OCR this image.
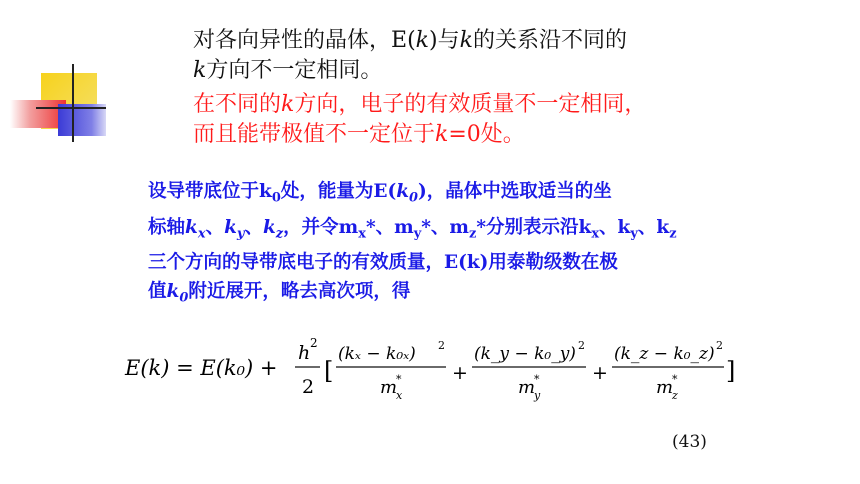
对各向异性的晶体，E(k)与k的关系沿不同的
k方向不一定相同。
在不同的k方向，电子的有效质量不一定相同，
而且能带极值不一定位于k=0处。
设导带底位于$k_0$处，能量为$E(k_0)$，晶体中选取适当的坐
标轴$k_x$、$k_y$、$k_z$，并令$m_x*$、$m_y*$、$m_z*$分别表示沿$k_x$、$k_y$、$k_z$
三个方向的导带底电子的有效质量，E(k)用泰勒级数在极
值$k_0$附近展开，略去高次项，得
E(k) = E(k₀) +
h 2
2
[
(kₓ − k₀ₓ) 2
m
*
x
+
(k_y − k₀_y) 2
m
*
y
+
(k_z − k₀_z) 2
m
*
z
]
(43)
